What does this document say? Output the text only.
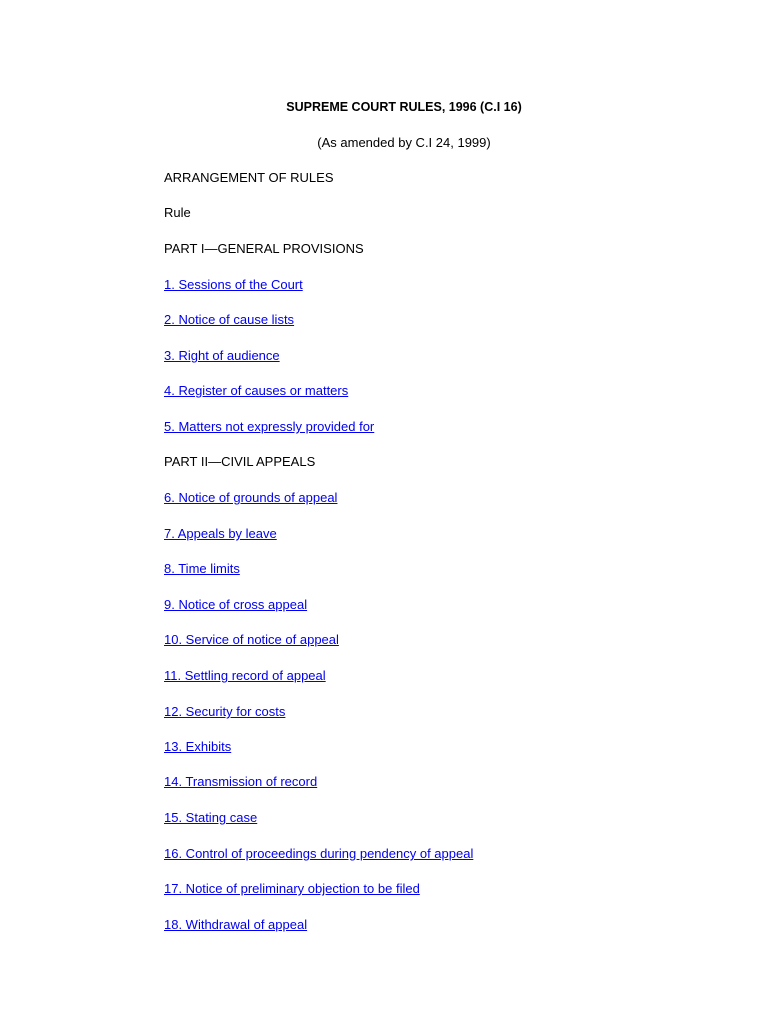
SUPREME COURT RULES, 1996 (C.I 16)
(As amended by C.I 24, 1999)
ARRANGEMENT OF RULES
Rule
PART I—GENERAL PROVISIONS
1. Sessions of the Court
2. Notice of cause lists
3. Right of audience
4. Register of causes or matters
5. Matters not expressly provided for
PART II—CIVIL APPEALS
6. Notice of grounds of appeal
7. Appeals by leave
8. Time limits
9. Notice of cross appeal
10. Service of notice of appeal
11. Settling record of appeal
12. Security for costs
13. Exhibits
14. Transmission of record
15. Stating case
16. Control of proceedings during pendency of appeal
17. Notice of preliminary objection to be filed
18. Withdrawal of appeal
